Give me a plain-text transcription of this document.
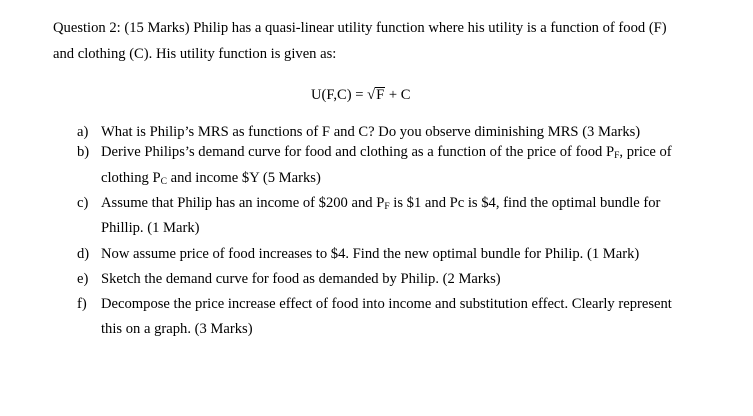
Question 2: (15 Marks) Philip has a quasi-linear utility function where his utility is a function of food (F)
and clothing (C). His utility function is given as:
U(F,C) = √F + C
a) What is Philip’s MRS as functions of F and C? Do you observe diminishing MRS (3 Marks)
b) Derive Philips’s demand curve for food and clothing as a function of the price of food $P_F$, price of
clothing $P_C$ and income $Y (5 Marks)
c) Assume that Philip has an income of $200 and $P_F$ is $1 and Pc is $4, find the optimal bundle for
Phillip. (1 Mark)
d) Now assume price of food increases to $4. Find the new optimal bundle for Philip. (1 Mark)
e) Sketch the demand curve for food as demanded by Philip. (2 Marks)
f) Decompose the price increase effect of food into income and substitution effect. Clearly represent
this on a graph. (3 Marks)
